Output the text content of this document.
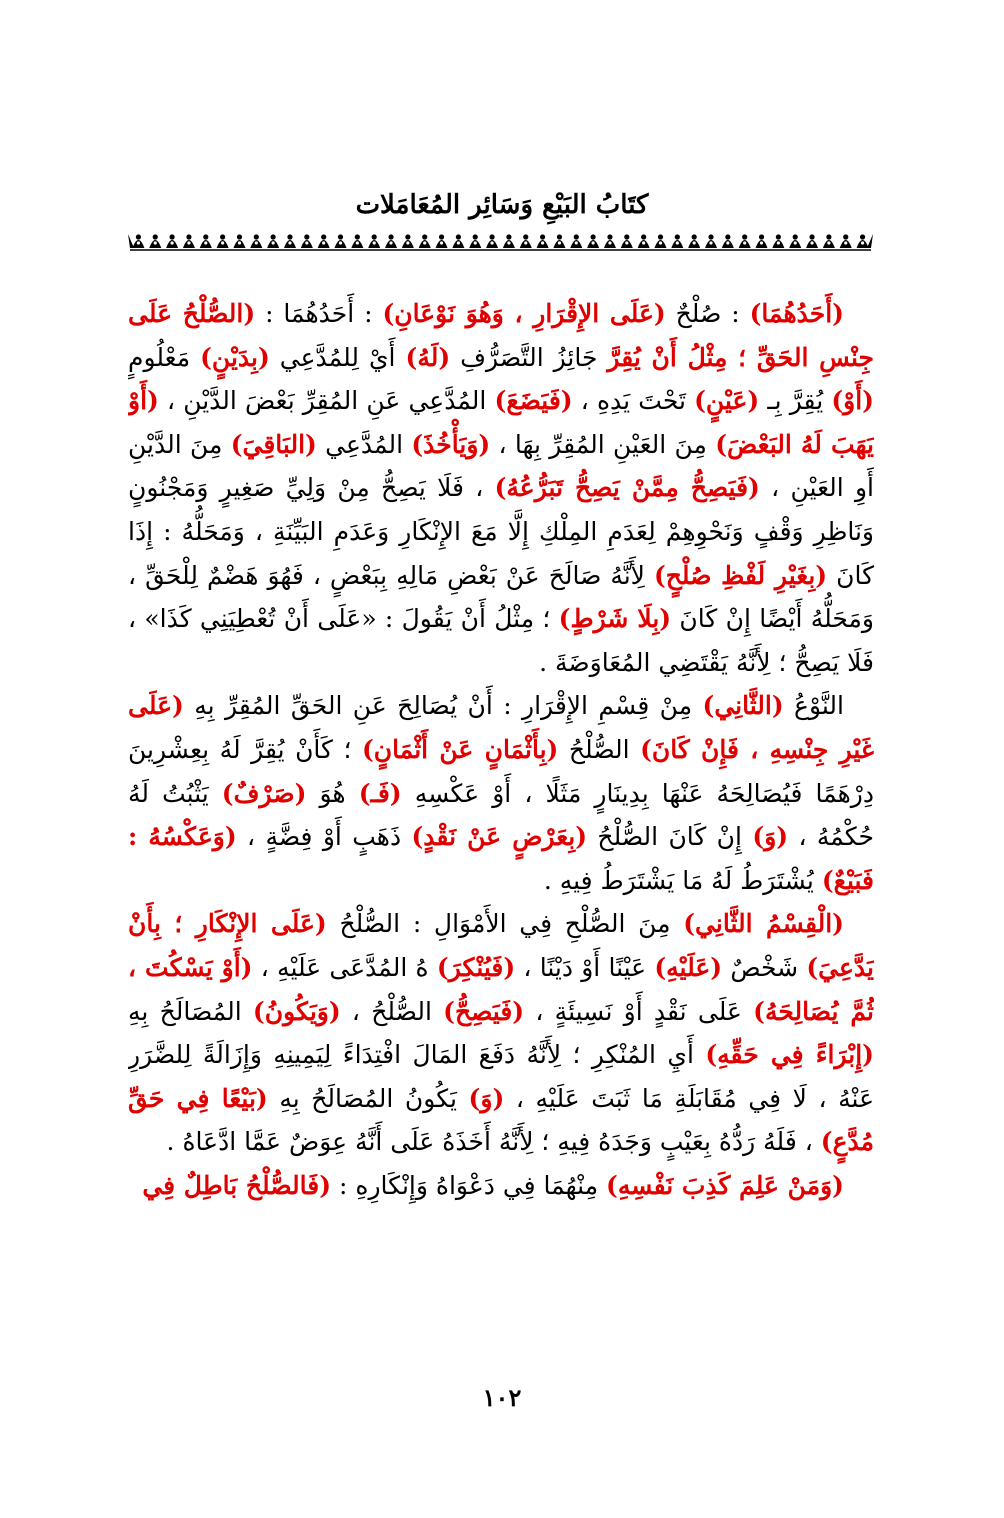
كتَابُ البَيْعِ وَسَائِر المُعَامَلات

(أَحَدُهُمَا) : صُلْحٌ (عَلَى الإِقْرَارِ ، وَهُوَ نَوْعَانِ) : أَحَدُهُمَا : (الصُّلْحُ عَلَى جِنْسِ الحَقِّ ؛ مِثْلُ أَنْ يُقِرَّ جَائِزُ التَّصَرُّفِ (لَهُ) أَيْ لِلمُدَّعِي (بِدَيْنٍ) مَعْلُومٍ (أَوْ) يُقِرَّ بِـ (عَيْنٍ) تَحْتَ يَدِهِ ، (فَيَضَعَ) المُدَّعِي عَنِ المُقِرِّ بَعْضَ الدَّيْنِ ، (أَوْ يَهَبَ لَهُ البَعْضَ) مِنَ العَيْنِ المُقِرِّ بِهَا ، (وَيَأْخُذَ) المُدَّعِي (البَاقِيَ) مِنَ الدَّيْنِ أَوِ العَيْنِ ، (فَيَصِحُّ مِمَّنْ يَصِحُّ تَبَرُّعُهُ) ، فَلَا يَصِحُّ مِنْ وَلِيِّ صَغِيرٍ وَمَجْنُونٍ وَنَاظِرِ وَقْفٍ وَنَحْوِهِمْ لِعَدَمِ المِلْكِ إِلَّا مَعَ الإِنْكَارِ وَعَدَمِ البَيِّنَةِ ، وَمَحَلُّهُ : إِذَا كَانَ (بِغَيْرِ لَفْظِ صُلْحٍ) لِأَنَّهُ صَالَحَ عَنْ بَعْضِ مَالِهِ بِبَعْضٍ ، فَهُوَ هَضْمٌ لِلْحَقِّ ، وَمَحَلُّهُ أَيْضًا إِنْ كَانَ (بِلَا شَرْطٍ) ؛ مِثْلُ أَنْ يَقُولَ : «عَلَى أَنْ تُعْطِيَنِي كَذَا» ، فَلَا يَصِحُّ ؛ لِأَنَّهُ يَقْتَضِي المُعَاوَضَةَ .

النَّوْعُ (الثَّانِي) مِنْ قِسْمِ الإِقْرَارِ : أَنْ يُصَالِحَ عَنِ الحَقِّ المُقِرِّ بِهِ (عَلَى غَيْرِ جِنْسِهِ ، فَإِنْ كَانَ) الصُّلْحُ (بِأَثْمَانٍ عَنْ أَثْمَانٍ) ؛ كَأَنْ يُقِرَّ لَهُ بِعِشْرِينَ دِرْهَمًا فَيُصَالِحَهُ عَنْهَا بِدِينَارٍ مَثَلًا ، أَوْ عَكْسِهِ (فَـ) هُوَ (صَرْفٌ) يَثْبُتُ لَهُ حُكْمُهُ ، (وَ) إِنْ كَانَ الصُّلْحُ (بِعَرْضٍ عَنْ نَقْدٍ) ذَهَبٍ أَوْ فِضَّةٍ ، (وَعَكْسُهُ : فَبَيْعٌ) يُشْتَرَطُ لَهُ مَا يَشْتَرَطُ فِيهِ .

(الْقِسْمُ الثَّانِي) مِنَ الصُّلْحِ فِي الأَمْوَالِ : الصُّلْحُ (عَلَى الإِنْكَارِ ؛ بِأَنْ يَدَّعِيَ) شَخْصٌ (عَلَيْهِ) عَيْنًا أَوْ دَيْنًا ، (فَيُنْكِرَ) هُ المُدَّعَى عَلَيْهِ ، (أَوْ يَسْكُتَ ، ثُمَّ يُصَالِحَهُ) عَلَى نَقْدٍ أَوْ نَسِيئَةٍ ، (فَيَصِحُّ) الصُّلْحُ ، (وَيَكُونُ) المُصَالَحُ بِهِ (إِبْرَاءً فِي حَقِّهِ) أَيِ المُنْكِرِ ؛ لِأَنَّهُ دَفَعَ المَالَ افْتِدَاءً لِيَمِينِهِ وَإِزَالَةً لِلضَّرَرِ عَنْهُ ، لَا فِي مُقَابَلَةِ مَا ثَبَتَ عَلَيْهِ ، (وَ) يَكُونُ المُصَالَحُ بِهِ (بَيْعًا فِي حَقِّ مُدَّعٍ) ، فَلَهُ رَدُّهُ بِعَيْبٍ وَجَدَهُ فِيهِ ؛ لِأَنَّهُ أَخَذَهُ عَلَى أَنَّهُ عِوَضٌ عَمَّا ادَّعَاهُ .

(وَمَنْ عَلِمَ كَذِبَ نَفْسِهِ) مِنْهُمَا فِي دَعْوَاهُ وَإِنْكَارِهِ : (فَالصُّلْحُ بَاطِلٌ فِي

١٠٢
